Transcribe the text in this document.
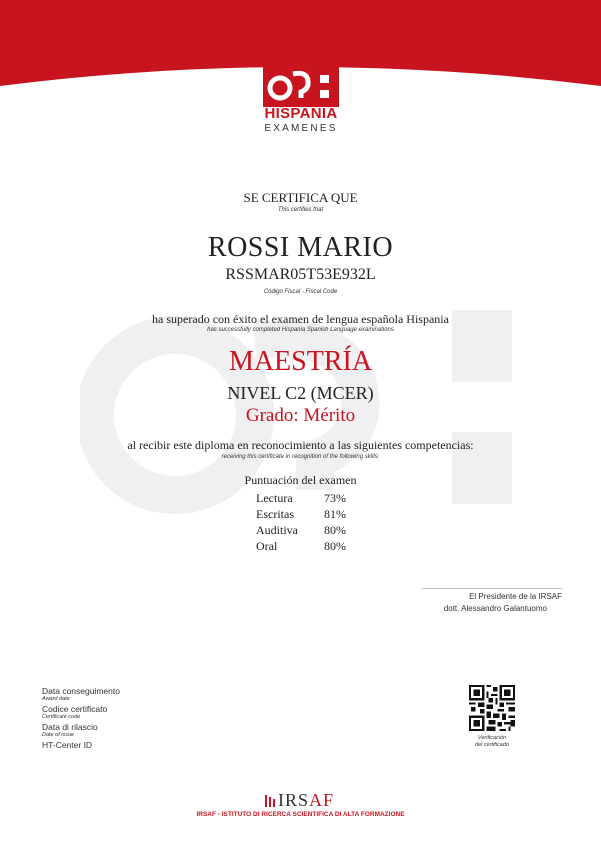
HISPANIA
EXAMENES
SE CERTIFICA QUE
This certifies that
ROSSI MARIO
RSSMAR05T53E932L
Código Fiscal - Fiscal Code
ha superado con éxito el examen de lengua española Hispania
has successfully completed Hispania Spanish Language examinations
MAESTRÍA
NIVEL C2 (MCER)
Grado: Mérito
al recibir este diploma en reconocimiento a las siguientes competencias:
receiving this certificate in recognition of the following skills:
Puntuación del examen
Lectura	73%
Escritas	81%
Auditiva 80%
Oral	80%
El Presidente de la IRSAF
dott. Alessandro Galantuomo
Data conseguimento
Award date
Codice certificato
Certificate code
Data di rilascio
Date of issue
HT-Center ID
Verificación
del certificado
IRSAF
IRSAF - ISTITUTO DI RICERCA SCIENTIFICA DI ALTA FORMAZIONE
